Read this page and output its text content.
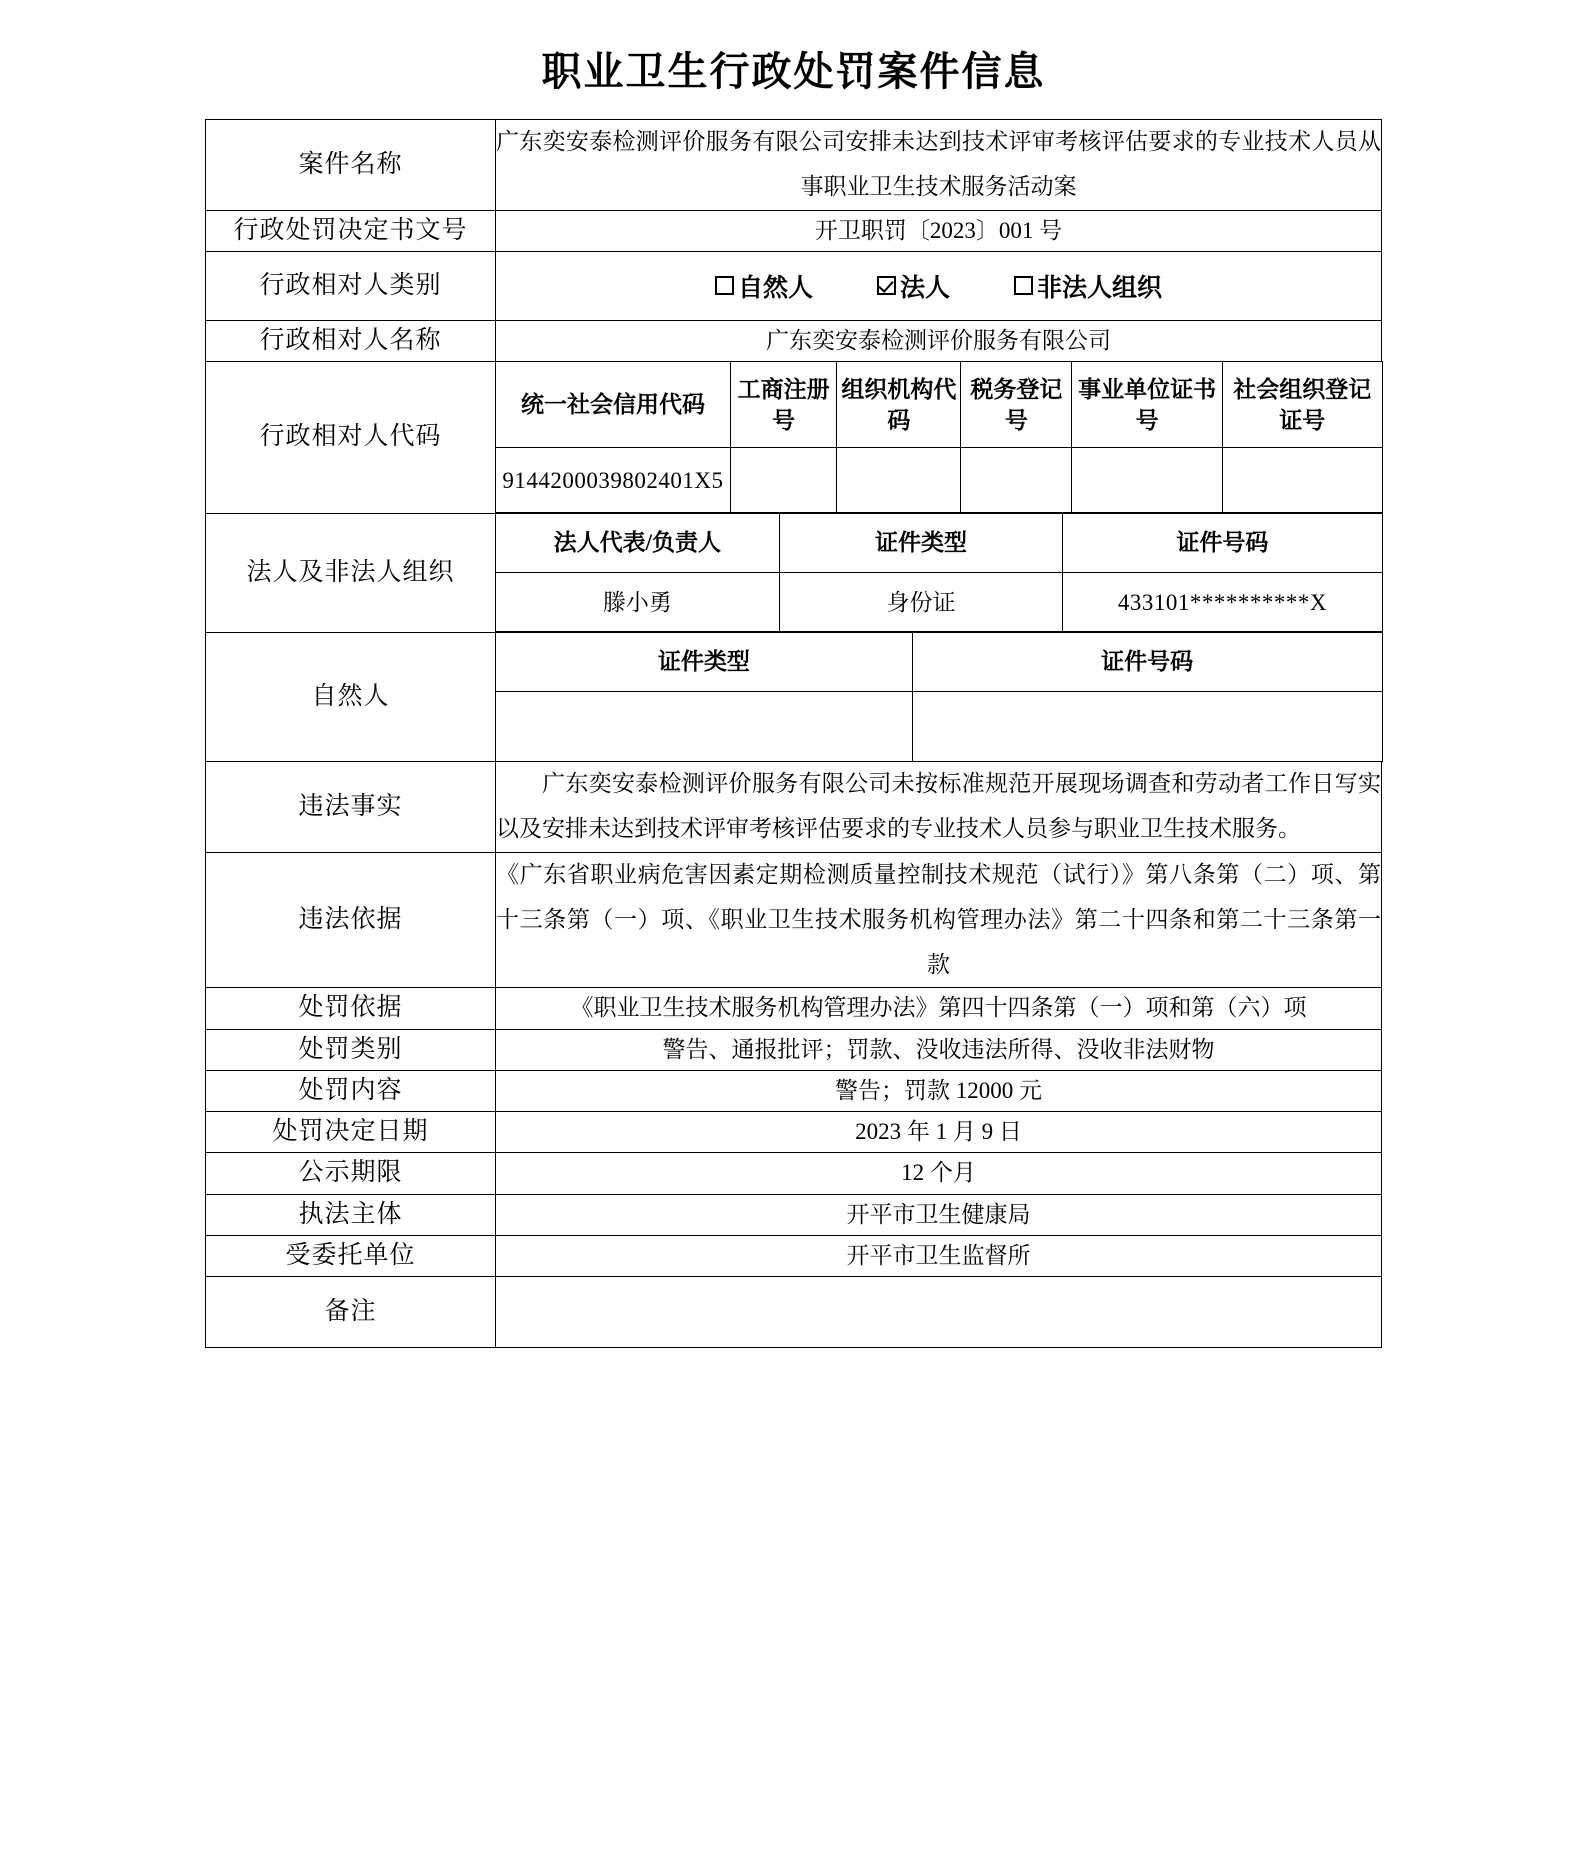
职业卫生行政处罚案件信息
案件名称	广东奕安泰检测评价服务有限公司安排未达到技术评审考核评估要求的专业技术人员从事职业卫生技术服务活动案
行政处罚决定书文号	开卫职罚〔2023〕001 号
行政相对人类别	自然人	法人	非法人组织

行政相对人名称	广东奕安泰检测评价服务有限公司
行政相对人代码	
统一社会信用代码	工商注册号	组织机构代码	税务登记号	事业单位证书号	社会组织登记证号
9144200039802401X5					

法人及非法人组织	
法人代表/负责人	证件类型	证件号码
滕小勇	身份证	433101**********X

自然人	
证件类型	证件号码

违法事实	广东奕安泰检测评价服务有限公司未按标准规范开展现场调查和劳动者工作日写实以及安排未达到技术评审考核评估要求的专业技术人员参与职业卫生技术服务。
违法依据	《广东省职业病危害因素定期检测质量控制技术规范（试行）》第八条第（二）项、第十三条第（一）项、《职业卫生技术服务机构管理办法》第二十四条和第二十三条第一款
处罚依据	《职业卫生技术服务机构管理办法》第四十四条第（一）项和第（六）项
处罚类别	警告、通报批评；罚款、没收违法所得、没收非法财物
处罚内容	警告；罚款 12000 元
处罚决定日期	2023 年 1 月 9 日
公示期限	12 个月
执法主体	开平市卫生健康局
受委托单位	开平市卫生监督所
备注	
